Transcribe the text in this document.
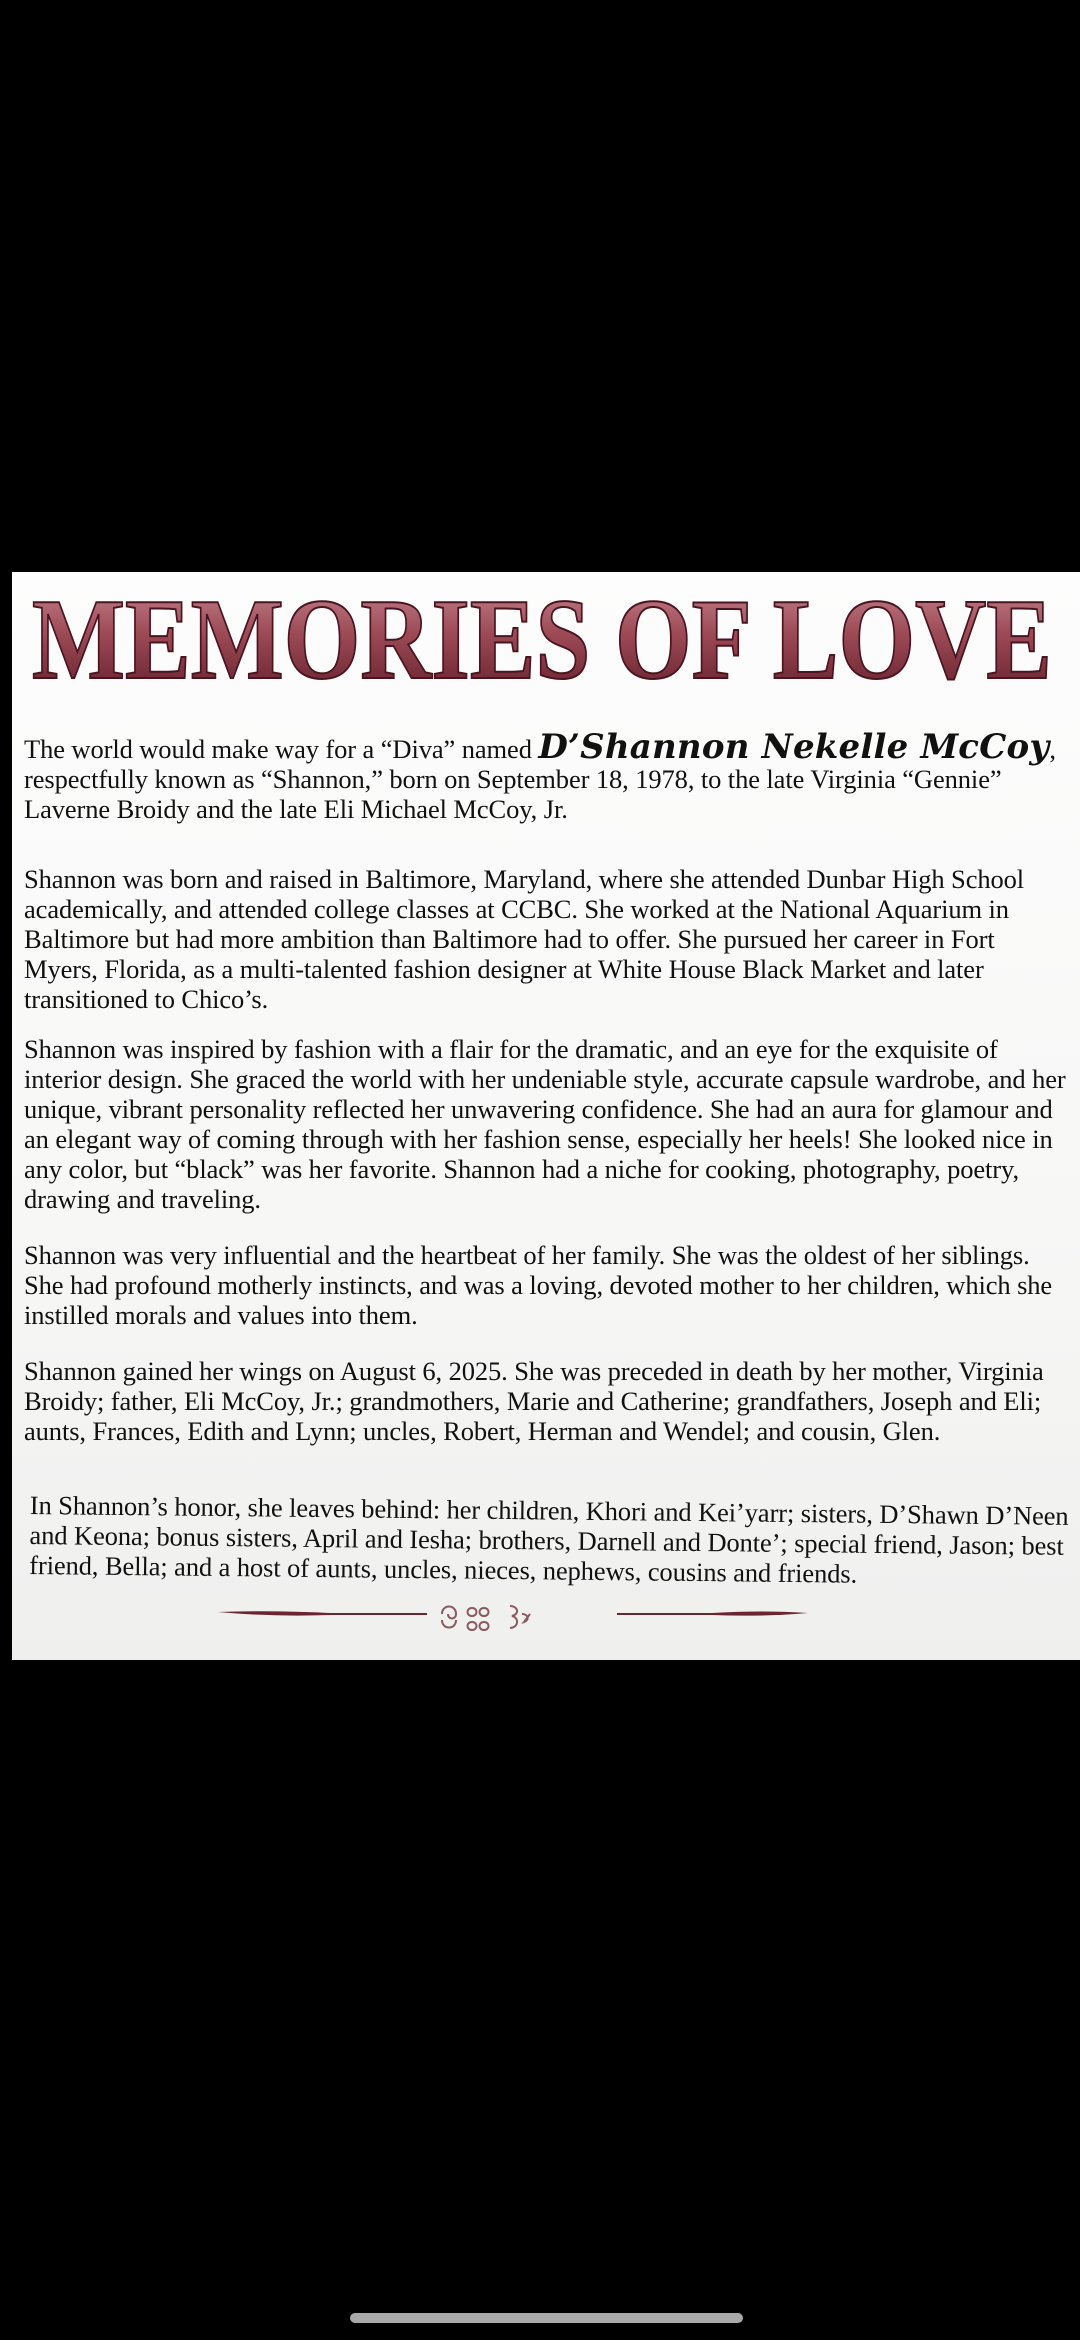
MEMORIES OF LOVE

The world would make way for a “Diva” named D’Shannon Nekelle McCoy, respectfully known as “Shannon,” born on September 18, 1978, to the late Virginia “Gennie” Laverne Broidy and the late Eli Michael McCoy, Jr.

Shannon was born and raised in Baltimore, Maryland, where she attended Dunbar High School academically, and attended college classes at CCBC. She worked at the National Aquarium in Baltimore but had more ambition than Baltimore had to offer. She pursued her career in Fort Myers, Florida, as a multi-talented fashion designer at White House Black Market and later transitioned to Chico’s.

Shannon was inspired by fashion with a flair for the dramatic, and an eye for the exquisite of interior design. She graced the world with her undeniable style, accurate capsule wardrobe, and her unique, vibrant personality reflected her unwavering confidence. She had an aura for glamour and an elegant way of coming through with her fashion sense, especially her heels! She looked nice in any color, but “black” was her favorite. Shannon had a niche for cooking, photography, poetry, drawing and traveling.

Shannon was very influential and the heartbeat of her family. She was the oldest of her siblings. She had profound motherly instincts, and was a loving, devoted mother to her children, which she instilled morals and values into them.

Shannon gained her wings on August 6, 2025. She was preceded in death by her mother, Virginia Broidy; father, Eli McCoy, Jr.; grandmothers, Marie and Catherine; grandfathers, Joseph and Eli; aunts, Frances, Edith and Lynn; uncles, Robert, Herman and Wendel; and cousin, Glen.

In Shannon’s honor, she leaves behind: her children, Khori and Kei’yarr; sisters, D’Shawn D’Neen and Keona; bonus sisters, April and Iesha; brothers, Darnell and Donte’; special friend, Jason; best friend, Bella; and a host of aunts, uncles, nieces, nephews, cousins and friends.
